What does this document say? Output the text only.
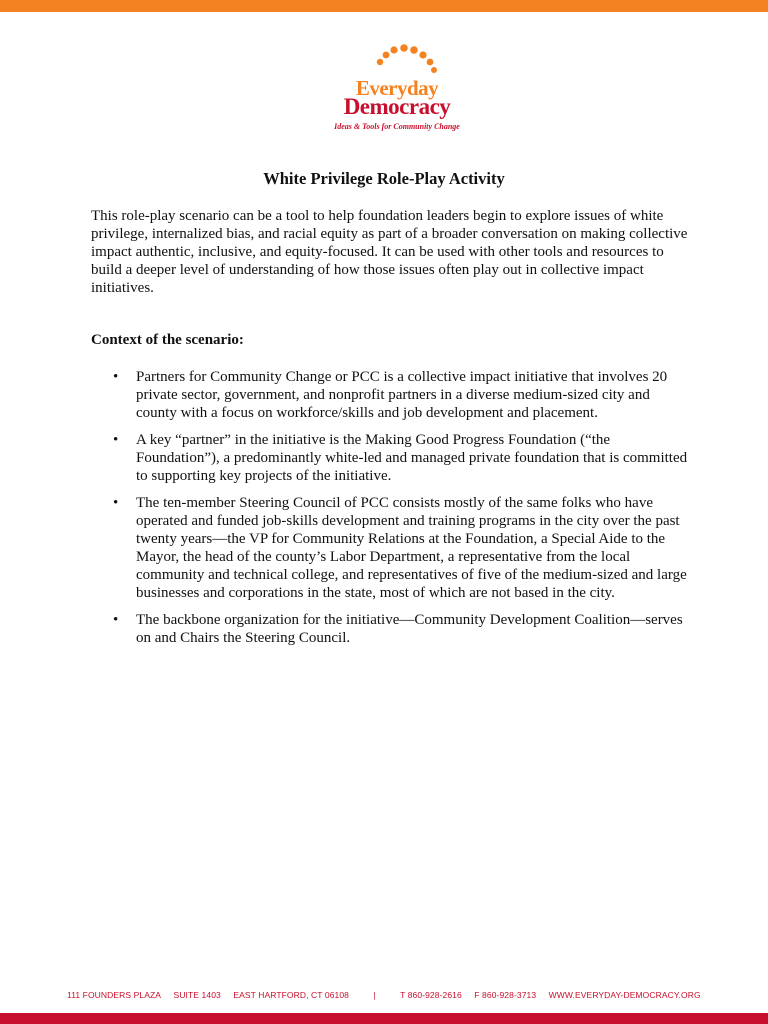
Everyday
Democracy
Ideas & Tools for Community Change
White Privilege Role-Play Activity

This role-play scenario can be a tool to help foundation leaders begin to explore issues of white privilege, internalized bias, and racial equity as part of a broader conversation on making collective impact authentic, inclusive, and equity-focused. It can be used with other tools and resources to build a deeper level of understanding of how those issues often play out in collective impact initiatives.

Context of the scenario:

• Partners for Community Change or PCC is a collective impact initiative that involves 20 private sector, government, and nonprofit partners in a diverse medium-sized city and county with a focus on workforce/skills and job development and placement.
• A key “partner” in the initiative is the Making Good Progress Foundation (“the Foundation”), a predominantly white-led and managed private foundation that is committed to supporting key projects of the initiative.
• The ten-member Steering Council of PCC consists mostly of the same folks who have operated and funded job-skills development and training programs in the city over the past twenty years—the VP for Community Relations at the Foundation, a Special Aide to the Mayor, the head of the county’s Labor Department, a representative from the local community and technical college, and representatives of five of the medium-sized and large businesses and corporations in the state, most of which are not based in the city.
• The backbone organization for the initiative—Community Development Coalition—serves on and Chairs the Steering Council.
111 FOUNDERS PLAZA SUITE 1403 EAST HARTFORD, CT 06108	|	T 860-928-2616 F 860-928-3713 WWW.EVERYDAY-DEMOCRACY.ORG
